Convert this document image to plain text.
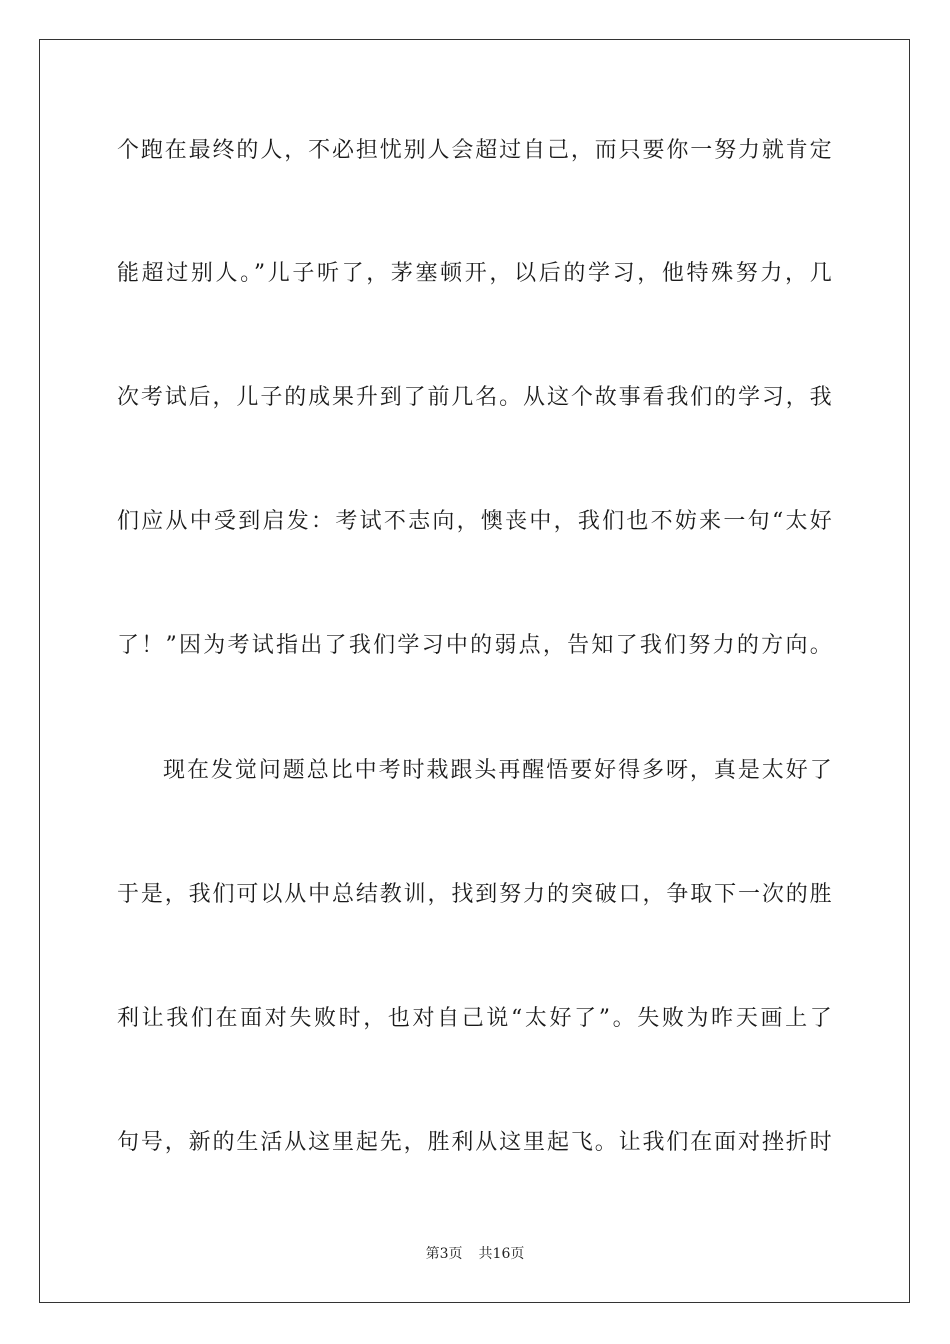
个跑在最终的人，不必担忧别人会超过自己，而只要你一努力就肯定
能超过别人。”儿子听了，茅塞顿开，以后的学习，他特殊努力，几
次考试后，儿子的成果升到了前几名。从这个故事看我们的学习，我
们应从中受到启发：考试不志向，懊丧中，我们也不妨来一句“太好
了！”因为考试指出了我们学习中的弱点，告知了我们努力的方向。
现在发觉问题总比中考时栽跟头再醒悟要好得多呀，真是太好了
于是，我们可以从中总结教训，找到努力的突破口，争取下一次的胜
利让我们在面对失败时，也对自己说“太好了”。失败为昨天画上了
句号，新的生活从这里起先，胜利从这里起飞。让我们在面对挫折时
第3页 共16页
